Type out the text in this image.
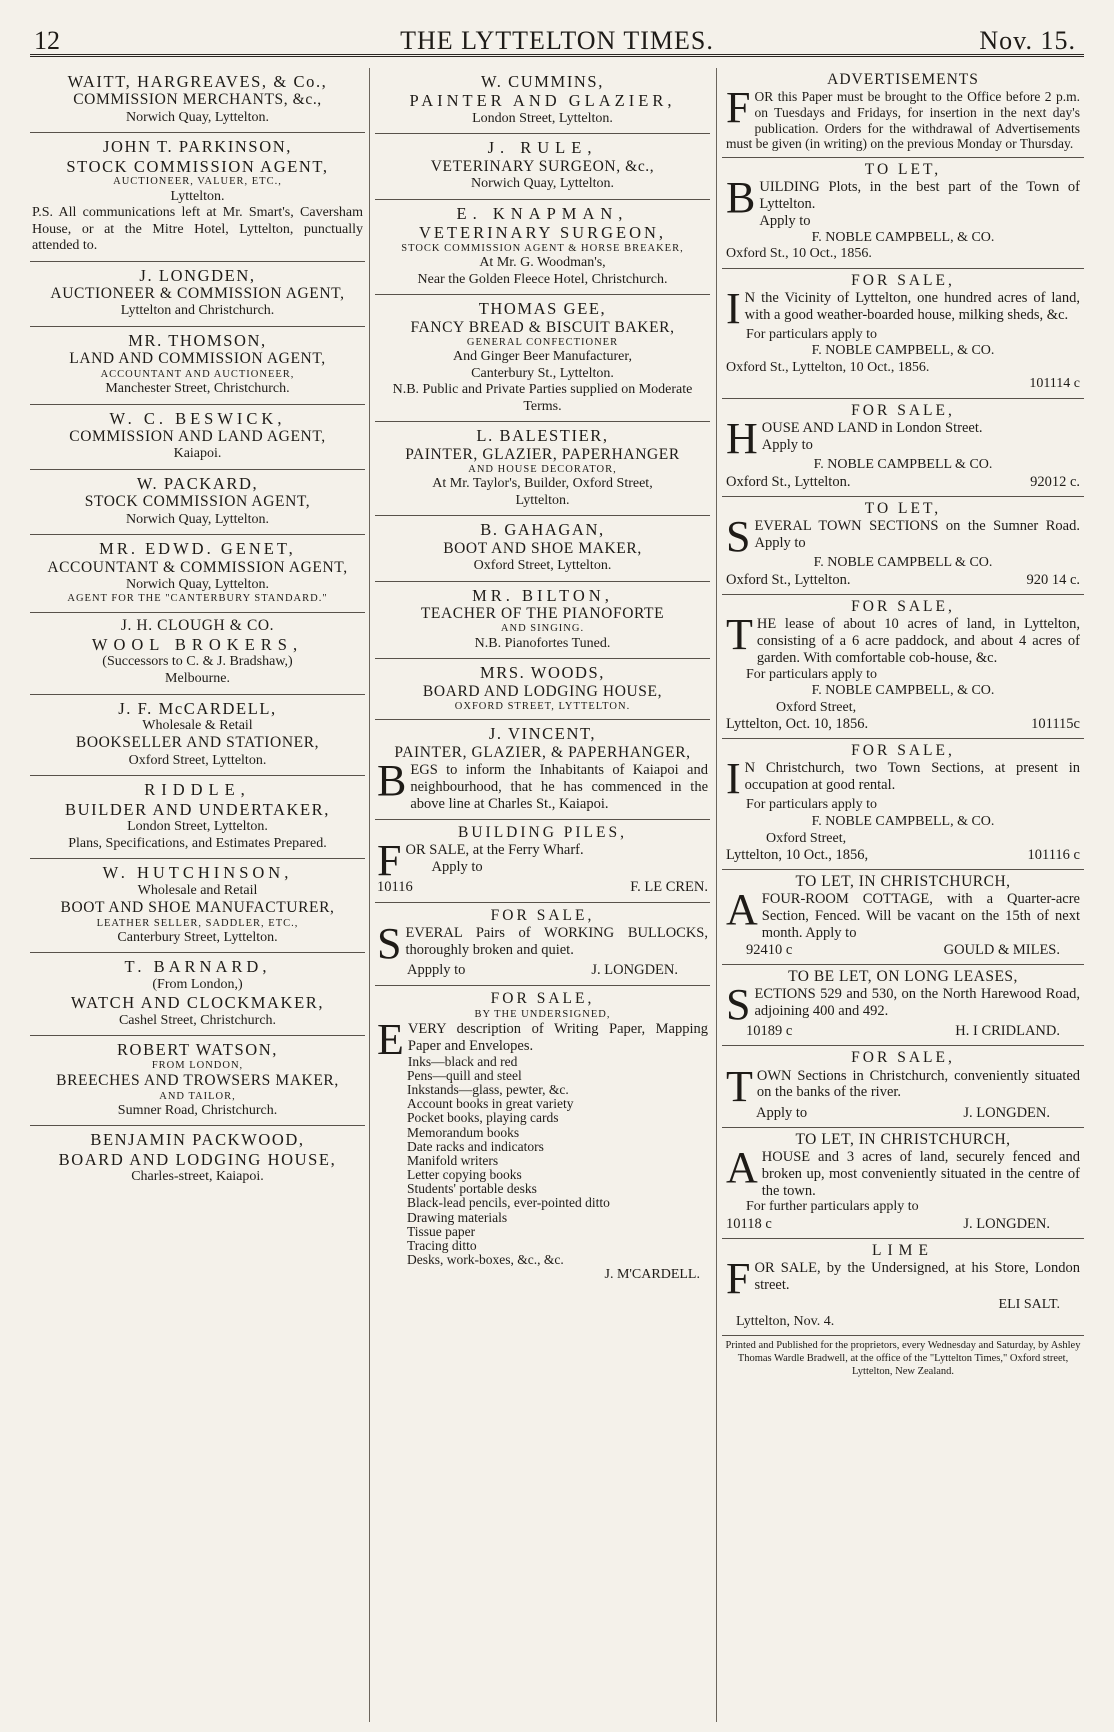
12	THE LYTTELTON TIMES.	Nov. 15.
WAITT, HARGREAVES, & Co.,
COMMISSION MERCHANTS, &c.,
Norwich Quay, Lyttelton.
JOHN T. PARKINSON,
STOCK COMMISSION AGENT,
AUCTIONEER, VALUER, ETC.,
Lyttelton.
P.S. All communications left at Mr. Smart's, Caversham House, or at the Mitre Hotel, Lyttelton, punctually attended to.
J. LONGDEN,
AUCTIONEER & COMMISSION AGENT,
Lyttelton and Christchurch.
MR. THOMSON,
LAND AND COMMISSION AGENT,
ACCOUNTANT AND AUCTIONEER,
Manchester Street, Christchurch.
W. C. BESWICK,
COMMISSION AND LAND AGENT,
Kaiapoi.
W. PACKARD,
STOCK COMMISSION AGENT,
Norwich Quay, Lyttelton.
MR. EDWD. GENET,
ACCOUNTANT & COMMISSION AGENT,
Norwich Quay, Lyttelton.
AGENT FOR THE "CANTERBURY STANDARD."
J. H. CLOUGH & CO.
WOOL BROKERS,
(Successors to C. & J. Bradshaw,)
Melbourne.
J. F. McCARDELL,
Wholesale & Retail
BOOKSELLER AND STATIONER,
Oxford Street, Lyttelton.
RIDDLE,
BUILDER AND UNDERTAKER,
London Street, Lyttelton.
Plans, Specifications, and Estimates Prepared.
W. HUTCHINSON,
Wholesale and Retail
BOOT AND SHOE MANUFACTURER,
LEATHER SELLER, SADDLER, ETC.,
Canterbury Street, Lyttelton.
T. BARNARD,
(From London,)
WATCH AND CLOCKMAKER,
Cashel Street, Christchurch.
ROBERT WATSON,
FROM LONDON,
BREECHES AND TROWSERS MAKER,
AND TAILOR,
Sumner Road, Christchurch.
BENJAMIN PACKWOOD,
BOARD AND LODGING HOUSE,
Charles-street, Kaiapoi.
W. CUMMINS,
PAINTER AND GLAZIER,
London Street, Lyttelton.
J. RULE,
VETERINARY SURGEON, &c.,
Norwich Quay, Lyttelton.
E. KNAPMAN,
VETERINARY SURGEON,
STOCK COMMISSION AGENT & HORSE BREAKER,
At Mr. G. Woodman's,
Near the Golden Fleece Hotel, Christchurch.
THOMAS GEE,
FANCY BREAD & BISCUIT BAKER,
GENERAL CONFECTIONER
And Ginger Beer Manufacturer,
Canterbury St., Lyttelton.
N.B. Public and Private Parties supplied on Moderate Terms.
L. BALESTIER,
PAINTER, GLAZIER, PAPERHANGER
AND HOUSE DECORATOR,
At Mr. Taylor's, Builder, Oxford Street,
Lyttelton.
B. GAHAGAN,
BOOT AND SHOE MAKER,
Oxford Street, Lyttelton.
MR. BILTON,
TEACHER OF THE PIANOFORTE
AND SINGING.
N.B. Pianofortes Tuned.
MRS. WOODS,
BOARD AND LODGING HOUSE,
OXFORD STREET, LYTTELTON.
J. VINCENT,
PAINTER, GLAZIER, & PAPERHANGER,
BEGS to inform the Inhabitants of Kaiapoi and neighbourhood, that he has commenced in the above line at Charles St., Kaiapoi.
BUILDING PILES,
FOR SALE, at the Ferry Wharf.
Apply to
10116	F. LE CREN.
FOR SALE,
SEVERAL Pairs of WORKING BULLOCKS, thoroughly broken and quiet.
Appply to	J. LONGDEN.
FOR SALE,
BY THE UNDERSIGNED,
EVERY description of Writing Paper, Mapping Paper and Envelopes.
Inks—black and red
Pens—quill and steel
Inkstands—glass, pewter, &c.
Account books in great variety
Pocket books, playing cards
Memorandum books
Date racks and indicators
Manifold writers
Letter copying books
Students' portable desks
Black-lead pencils, ever-pointed ditto
Drawing materials
Tissue paper
Tracing ditto
Desks, work-boxes, &c., &c.
J. M'CARDELL.
ADVERTISEMENTS
FOR this Paper must be brought to the Office before 2 p.m. on Tuesdays and Fridays, for insertion in the next day's publication. Orders for the withdrawal of Advertisements must be given (in writing) on the previous Monday or Thursday.
TO LET,
BUILDING Plots, in the best part of the Town of Lyttelton.
Apply to
F. NOBLE CAMPBELL, & CO.
Oxford St., 10 Oct., 1856.
FOR SALE,
I N the Vicinity of Lyttelton, one hundred acres of land, with a good weather-boarded house, milking sheds, &c.
For particulars apply to
F. NOBLE CAMPBELL, & CO.
Oxford St., Lyttelton, 10 Oct., 1856.
101114 c
FOR SALE,
HOUSE AND LAND in London Street.
Apply to
F. NOBLE CAMPBELL & CO.
Oxford St., Lyttelton.	92012 c.
TO LET,
SEVERAL TOWN SECTIONS on the Sumner Road. Apply to
F. NOBLE CAMPBELL & CO.
Oxford St., Lyttelton.	920 14 c.
FOR SALE,
THE lease of about 10 acres of land, in Lyttelton, consisting of a 6 acre paddock, and about 4 acres of garden. With comfortable cob-house, &c.
For particulars apply to
F. NOBLE CAMPBELL, & CO.
Oxford Street,
Lyttelton, Oct. 10, 1856.	101115c
FOR SALE,
I N Christchurch, two Town Sections, at present in occupation at good rental.
For particulars apply to
F. NOBLE CAMPBELL, & CO.
Oxford Street,
Lyttelton, 10 Oct., 1856,	101116 c
TO LET, IN CHRISTCHURCH,
AFOUR-ROOM COTTAGE, with a Quarter-acre Section, Fenced. Will be vacant on the 15th of next month. Apply to
92410 c	GOULD & MILES.
TO BE LET, ON LONG LEASES,
SECTIONS 529 and 530, on the North Harewood Road, adjoining 400 and 492.
10189 c	H. I CRIDLAND.
FOR SALE,
TOWN Sections in Christchurch, conveniently situated on the banks of the river.
Apply to	J. LONGDEN.
TO LET, IN CHRISTCHURCH,
AHOUSE and 3 acres of land, securely fenced and broken up, most conveniently situated in the centre of the town.
For further particulars apply to
10118 c	J. LONGDEN.
LIME
FOR SALE, by the Undersigned, at his Store, London street.
ELI SALT.
Lyttelton, Nov. 4.
Printed and Published for the proprietors, every Wednesday and Saturday, by Ashley Thomas Wardle Bradwell, at the office of the "Lyttelton Times," Oxford street, Lyttelton, New Zealand.
